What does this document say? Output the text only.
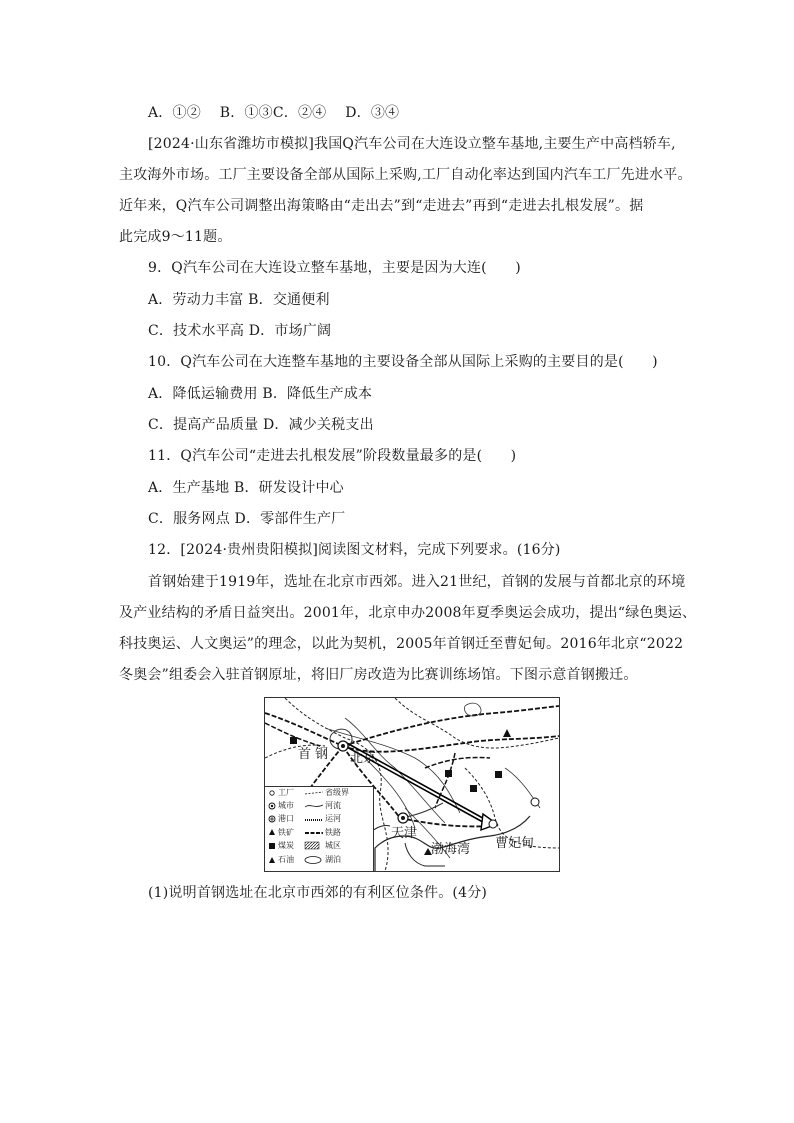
A．①②　 B．①③C．②④　 D．③④
[2024·山东省潍坊市模拟]我国Q汽车公司在大连设立整车基地,主要生产中高档轿车,
主攻海外市场。工厂主要设备全部从国际上采购,工厂自动化率达到国内汽车工厂先进水平。
近年来，Q汽车公司调整出海策略由“走出去”到“走进去”再到“走进去扎根发展”。据
此完成9～11题。
9．Q汽车公司在大连设立整车基地，主要是因为大连(　　)
A．劳动力丰富 B．交通便利
C．技术水平高 D．市场广阔
10．Q汽车公司在大连整车基地的主要设备全部从国际上采购的主要目的是(　　)
A．降低运输费用 B．降低生产成本
C．提高产品质量 D．减少关税支出
11．Q汽车公司“走进去扎根发展”阶段数量最多的是(　　)
A．生产基地 B．研发设计中心
C．服务网点 D．零部件生产厂
12．[2024·贵州贵阳模拟]阅读图文材料，完成下列要求。(16分)
首钢始建于1919年，选址在北京市西郊。进入21世纪，首钢的发展与首都北京的环境
及产业结构的矛盾日益突出。2001年，北京申办2008年夏季奥运会成功，提出“绿色奥运、
科技奥运、人文奥运”的理念，以此为契机，2005年首钢迁至曹妃甸。2016年北京“2022
冬奥会”组委会入驻首钢原址，将旧厂房改造为比赛训练场馆。下图示意首钢搬迁。
首 钢 北京
天津
渤海湾 曹妃甸
工厂	省级界
城市	河流
港口	运河
铁矿	铁路
煤炭	城区
石油	湖泊
(1)说明首钢选址在北京市西郊的有利区位条件。(4分)
